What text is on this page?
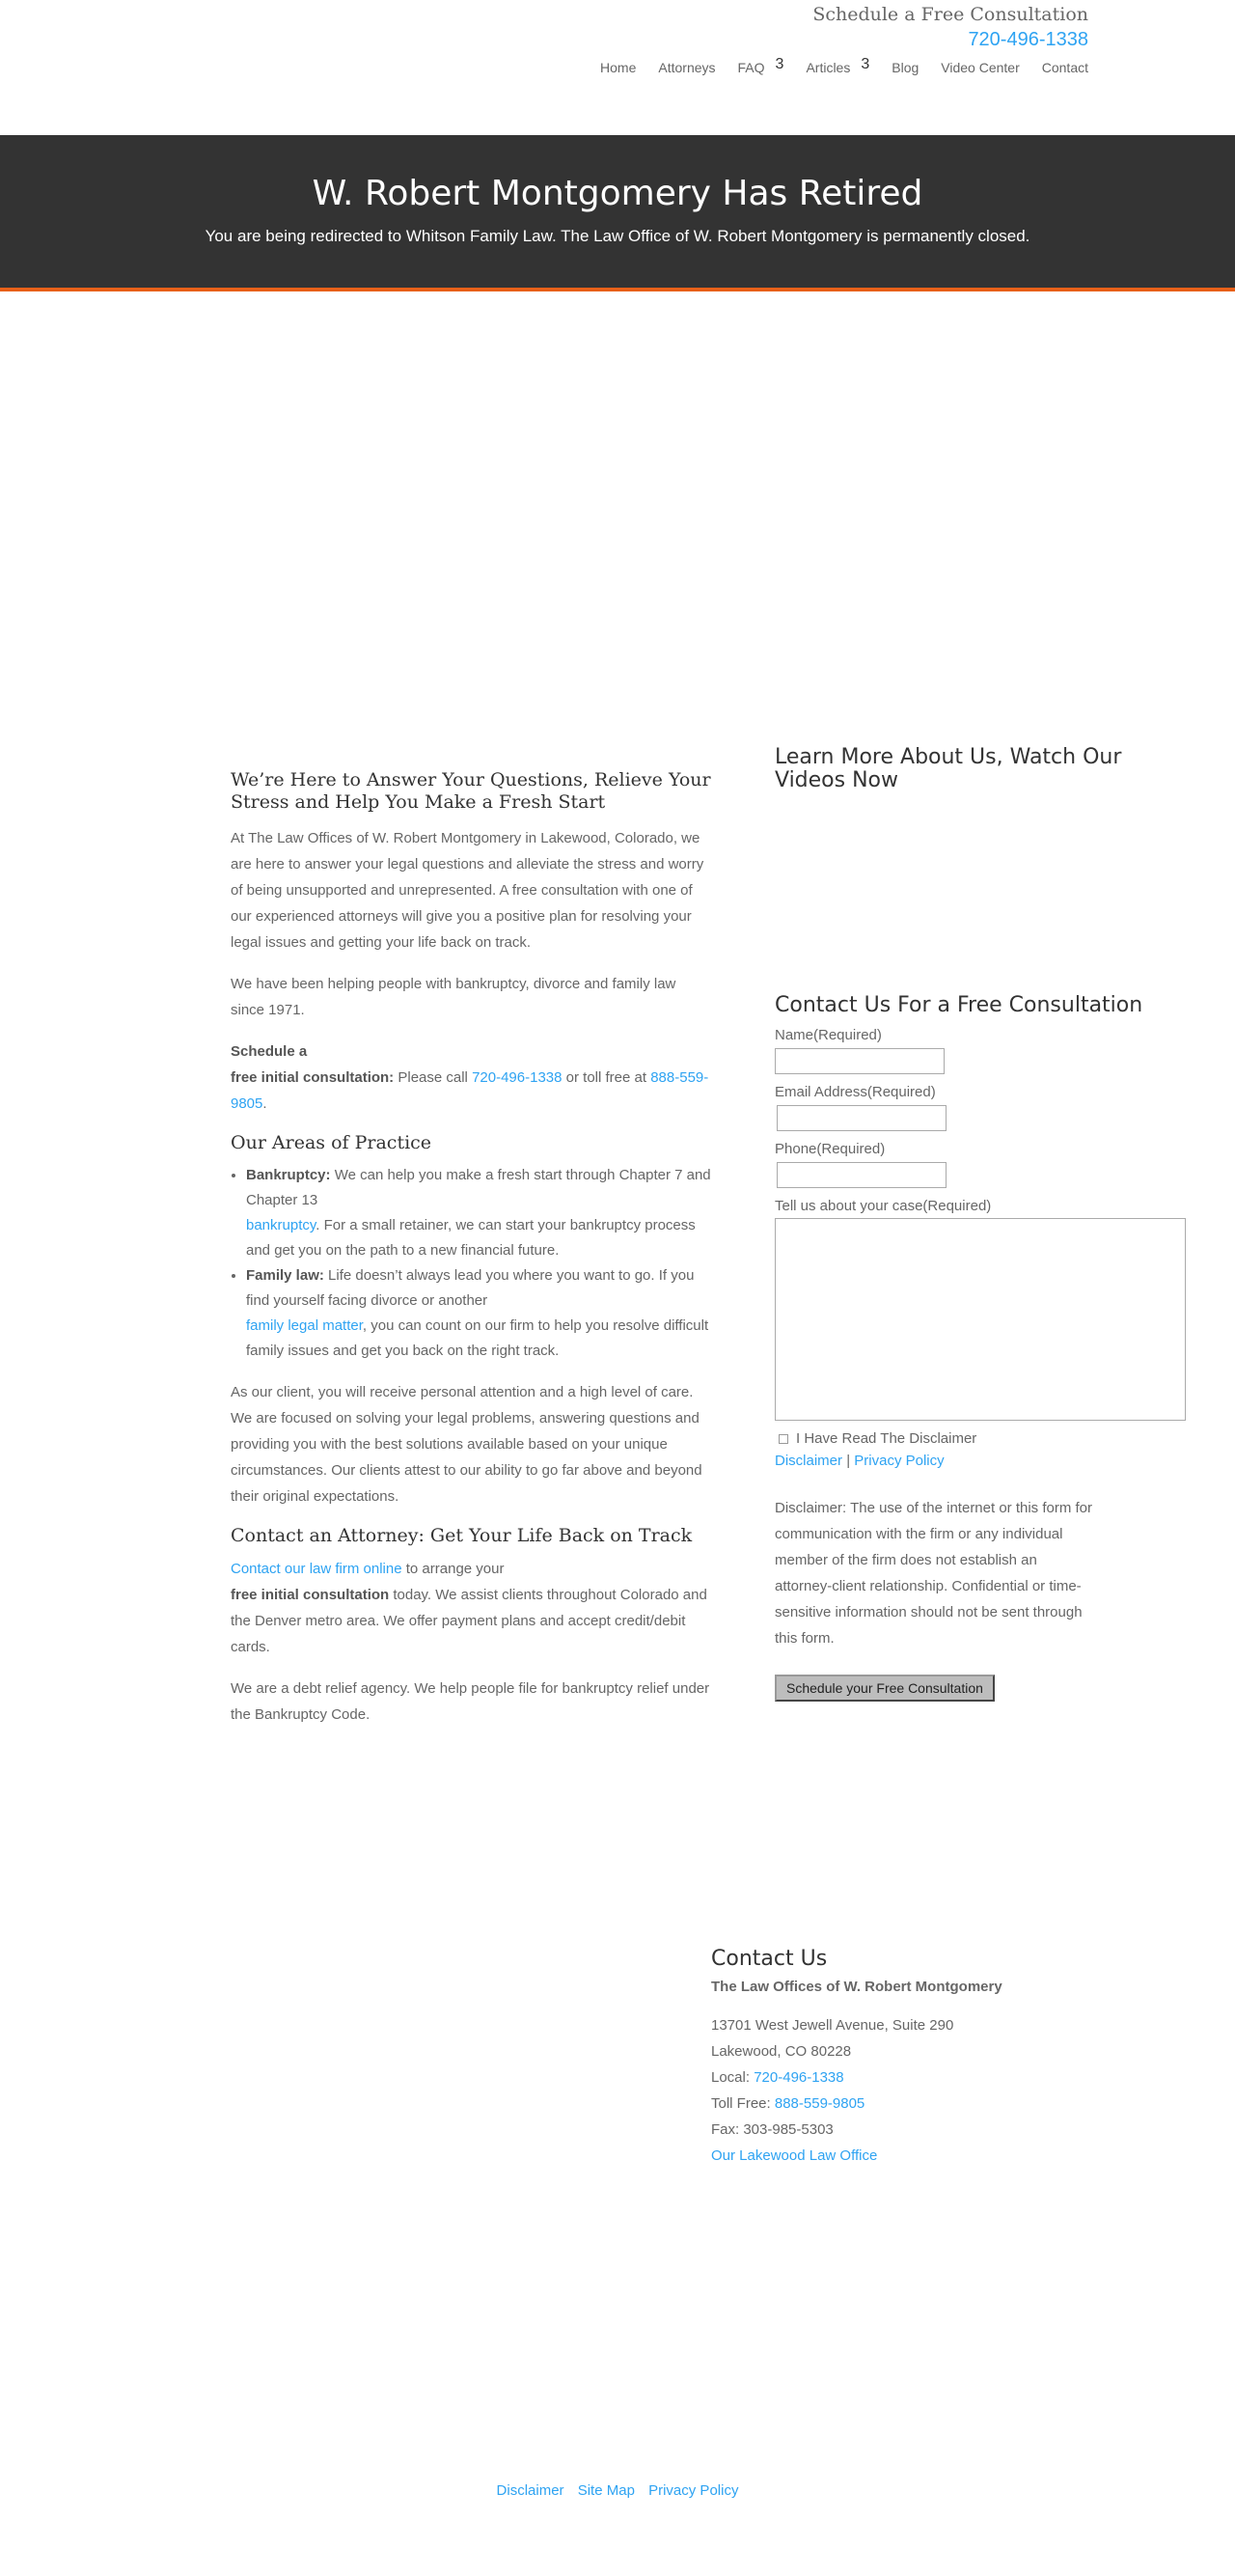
Schedule a Free Consultation
720-496-1338
Home Attorneys FAQ 3 Articles 3 Blog Video Center Contact
W. Robert Montgomery Has Retired

You are being redirected to Whitson Family Law. The Law Office of W. Robert Montgomery is permanently closed.

We’re Here to Answer Your Questions, Relieve Your Stress and Help You Make a Fresh Start

At The Law Offices of W. Robert Montgomery in Lakewood, Colorado, we are here to answer your legal questions and alleviate the stress and worry of being unsupported and unrepresented. A free consultation with one of our experienced attorneys will give you a positive plan for resolving your legal issues and getting your life back on track.

We have been helping people with bankruptcy, divorce and family law since 1971.

Schedule a
free initial consultation: Please call 720-496-1338 or toll free at 888-559-9805.

Our Areas of Practice
• Bankruptcy: We can help you make a fresh start through Chapter 7 and Chapter 13
bankruptcy. For a small retainer, we can start your bankruptcy process and get you on the path to a new financial future.
• Family law: Life doesn’t always lead you where you want to go. If you find yourself facing divorce or another
family legal matter, you can count on our firm to help you resolve difficult family issues and get you back on the right track.

As our client, you will receive personal attention and a high level of care. We are focused on solving your legal problems, answering questions and providing you with the best solutions available based on your unique circumstances. Our clients attest to our ability to go far above and beyond their original expectations.

Contact an Attorney: Get Your Life Back on Track

Contact our law firm online to arrange your
free initial consultation today. We assist clients throughout Colorado and the Denver metro area. We offer payment plans and accept credit/debit cards.

We are a debt relief agency. We help people file for bankruptcy relief under the Bankruptcy Code.

Learn More About Us, Watch Our Videos Now
Contact Us For a Free Consultation
Name(Required)
Email Address(Required)
Phone(Required)
Tell us about your case(Required)
I Have Read The Disclaimer
Disclaimer | Privacy Policy
Disclaimer: The use of the internet or this form for communication with the firm or any individual member of the firm does not establish an attorney-client relationship. Confidential or time-sensitive information should not be sent through this form.
Schedule your Free Consultation
Contact Us
The Law Offices of W. Robert Montgomery
13701 West Jewell Avenue, Suite 290
Lakewood, CO 80228
Local: 720-496-1338
Toll Free: 888-559-9805
Fax: 303-985-5303
Our Lakewood Law Office
Disclaimer Site Map Privacy Policy
